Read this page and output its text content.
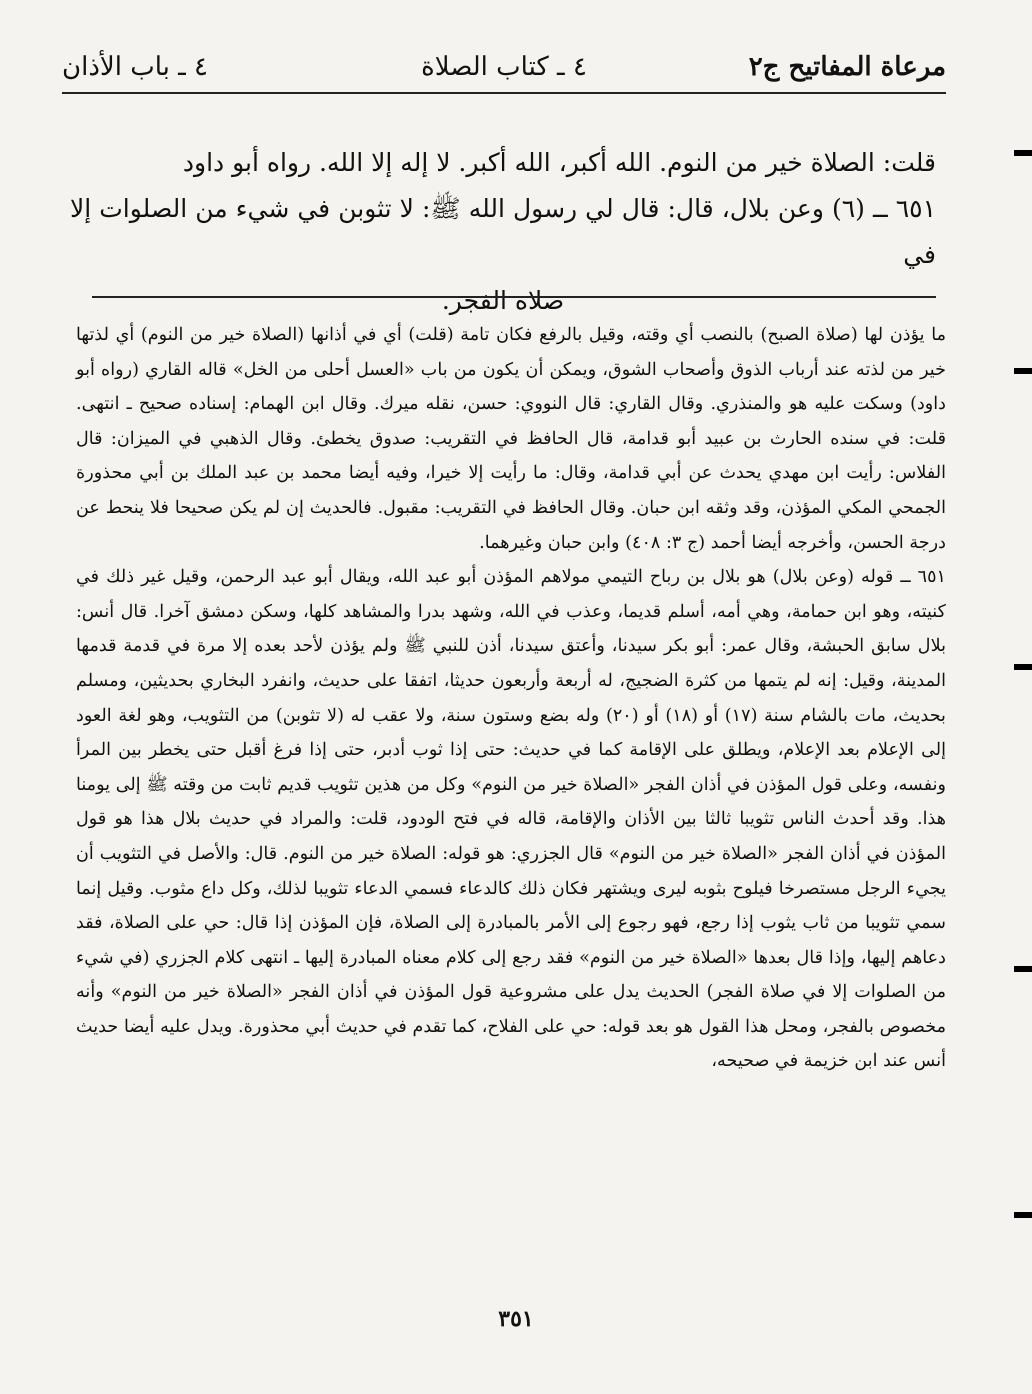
مرعاة المفاتيح ج٢
٤ ـ كتاب الصلاة
٤ ـ باب الأذان

قلت: الصلاة خير من النوم. الله أكبر، الله أكبر. لا إله إلا الله. رواه أبو داود

٦٥١ ــ (٦) وعن بلال، قال: قال لي رسول الله ﷺ: لا تثوبن في شيء من الصلوات إلا في

صلاة الفجر.

ما يؤذن لها (صلاة الصبح) بالنصب أي وقته، وقيل بالرفع فكان تامة (قلت) أي في أذانها (الصلاة خير من النوم) أي لذتها خير من لذته عند أرباب الذوق وأصحاب الشوق، ويمكن أن يكون من باب «العسل أحلى من الخل» قاله القاري (رواه أبو داود) وسكت عليه هو والمنذري. وقال القاري: قال النووي: حسن، نقله ميرك. وقال ابن الهمام: إسناده صحيح ـ انتهى. قلت: في سنده الحارث بن عبيد أبو قدامة، قال الحافظ في التقريب: صدوق يخطئ. وقال الذهبي في الميزان: قال الفلاس: رأيت ابن مهدي يحدث عن أبي قدامة، وقال: ما رأيت إلا خيرا، وفيه أيضا محمد بن عبد الملك بن أبي محذورة الجمحي المكي المؤذن، وقد وثقه ابن حبان. وقال الحافظ في التقريب: مقبول. فالحديث إن لم يكن صحيحا فلا ينحط عن درجة الحسن، وأخرجه أيضا أحمد (ج ٣: ٤٠٨) وابن حبان وغيرهما.

٦٥١ ــ قوله (وعن بلال) هو بلال بن رباح التيمي مولاهم المؤذن أبو عبد الله، ويقال أبو عبد الرحمن، وقيل غير ذلك في كنيته، وهو ابن حمامة، وهي أمه، أسلم قديما، وعذب في الله، وشهد بدرا والمشاهد كلها، وسكن دمشق آخرا. قال أنس: بلال سابق الحبشة، وقال عمر: أبو بكر سيدنا، وأعتق سيدنا، أذن للنبي ﷺ ولم يؤذن لأحد بعده إلا مرة في قدمة قدمها المدينة، وقيل: إنه لم يتمها من كثرة الضجيج، له أربعة وأربعون حديثا، اتفقا على حديث، وانفرد البخاري بحديثين، ومسلم بحديث، مات بالشام سنة (١٧) أو (١٨) أو (٢٠) وله بضع وستون سنة، ولا عقب له (لا تثوبن) من التثويب، وهو لغة العود إلى الإعلام بعد الإعلام، ويطلق على الإقامة كما في حديث: حتى إذا ثوب أدبر، حتى إذا فرغ أقبل حتى يخطر بين المرأ ونفسه، وعلى قول المؤذن في أذان الفجر «الصلاة خير من النوم» وكل من هذين تثويب قديم ثابت من وقته ﷺ إلى يومنا هذا. وقد أحدث الناس تثويبا ثالثا بين الأذان والإقامة، قاله في فتح الودود، قلت: والمراد في حديث بلال هذا هو قول المؤذن في أذان الفجر «الصلاة خير من النوم» قال الجزري: هو قوله: الصلاة خير من النوم. قال: والأصل في التثويب أن يجيء الرجل مستصرخا فيلوح بثوبه ليرى ويشتهر فكان ذلك كالدعاء فسمي الدعاء تثويبا لذلك، وكل داع مثوب. وقيل إنما سمي تثويبا من ثاب يثوب إذا رجع، فهو رجوع إلى الأمر بالمبادرة إلى الصلاة، فإن المؤذن إذا قال: حي على الصلاة، فقد دعاهم إليها، وإذا قال بعدها «الصلاة خير من النوم» فقد رجع إلى كلام معناه المبادرة إليها ـ انتهى كلام الجزري (في شيء من الصلوات إلا في صلاة الفجر) الحديث يدل على مشروعية قول المؤذن في أذان الفجر «الصلاة خير من النوم» وأنه مخصوص بالفجر، ومحل هذا القول هو بعد قوله: حي على الفلاح، كما تقدم في حديث أبي محذورة. ويدل عليه أيضا حديث أنس عند ابن خزيمة في صحيحه،

٣٥١
